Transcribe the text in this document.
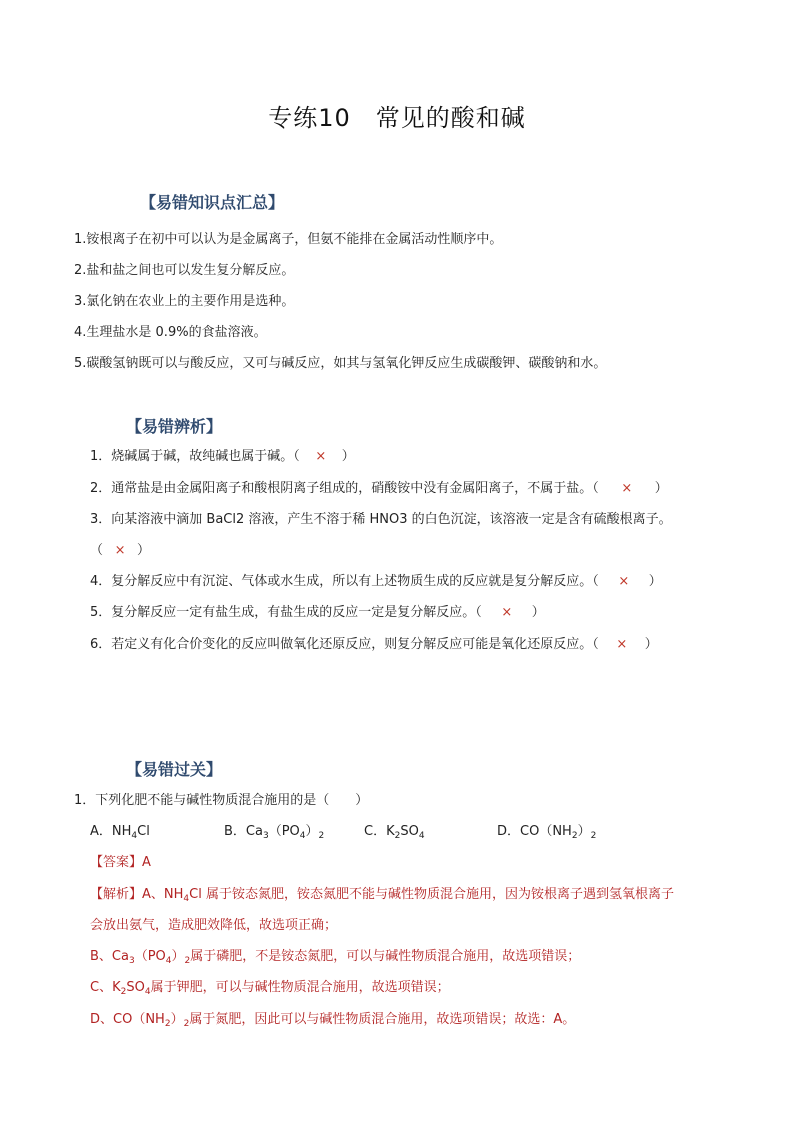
专练10　常见的酸和碱
【易错知识点汇总】
1.铵根离子在初中可以认为是金属离子，但氨不能排在金属活动性顺序中。
2.盐和盐之间也可以发生复分解反应。
3.氯化钠在农业上的主要作用是选种。
4.生理盐水是 0.9%的食盐溶液。
5.碳酸氢钠既可以与酸反应，又可与碱反应，如其与氢氧化钾反应生成碳酸钾、碳酸钠和水。
【易错辨析】
1．烧碱属于碱，故纯碱也属于碱。（ × ）
2．通常盐是由金属阳离子和酸根阴离子组成的，硝酸铵中没有金属阳离子，不属于盐。（ × ）
3．向某溶液中滴加 BaCl2 溶液，产生不溶于稀 HNO3 的白色沉淀，该溶液一定是含有硫酸根离子。
（ × ）
4．复分解反应中有沉淀、气体或水生成，所以有上述物质生成的反应就是复分解反应。（ × ）
5．复分解反应一定有盐生成，有盐生成的反应一定是复分解反应。（ × ）
6．若定义有化合价变化的反应叫做氧化还原反应，则复分解反应可能是氧化还原反应。（ × ）
【易错过关】
1．下列化肥不能与碱性物质混合施用的是（　　）
A．$NH_4Cl$	B．$Ca_3(PO_4)_2$	C．$K_2SO_4$	D．$CO(NH_2)_2$
【答案】A
【解析】A、$NH_4Cl$ 属于铵态氮肥，铵态氮肥不能与碱性物质混合施用，因为铵根离子遇到氢氧根离子
会放出氨气，造成肥效降低，故选项正确；
B、$Ca_3(PO_4)_2$属于磷肥，不是铵态氮肥，可以与碱性物质混合施用，故选项错误；
C、$K_2SO_4$属于钾肥，可以与碱性物质混合施用，故选项错误；
D、$CO(NH_2)_2$属于氮肥，因此可以与碱性物质混合施用，故选项错误；故选：A。
